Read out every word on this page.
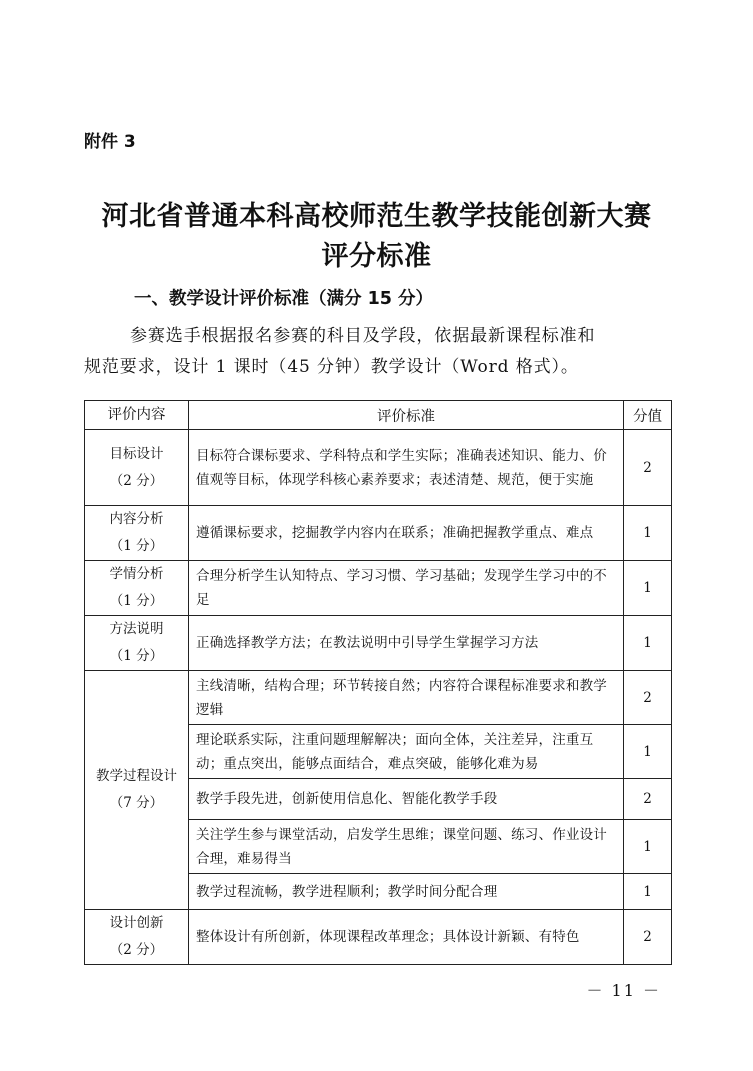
附件 3
河北省普通本科高校师范生教学技能创新大赛
评分标准
一、教学设计评价标准（满分 15 分）
参赛选手根据报名参赛的科目及学段，依据最新课程标准和
规范要求，设计 1 课时（45 分钟）教学设计（Word 格式）。
评价内容	评价标准	分值

目标设计
（2 分）	目标符合课标要求、学科特点和学生实际；准确表述知识、能力、价值观等目标，体现学科核心素养要求；表述清楚、规范，便于实施	2

内容分析
（1 分）	遵循课标要求，挖掘教学内容内在联系；准确把握教学重点、难点	1

学情分析
（1 分）	合理分析学生认知特点、学习习惯、学习基础；发现学生学习中的不足	1

方法说明
（1 分）	正确选择教学方法；在教法说明中引导学生掌握学习方法	1

教学过程设计
（7 分）	主线清晰，结构合理；环节转接自然；内容符合课程标准要求和教学逻辑	2
	理论联系实际，注重问题理解解决；面向全体，关注差异，注重互动；重点突出，能够点面结合，难点突破，能够化难为易	1
	教学手段先进，创新使用信息化、智能化教学手段	2
	关注学生参与课堂活动，启发学生思维；课堂问题、练习、作业设计合理，难易得当	1
	教学过程流畅，教学进程顺利；教学时间分配合理	1

设计创新
（2 分）	整体设计有所创新，体现课程改革理念；具体设计新颖、有特色	2
－ 11 －
